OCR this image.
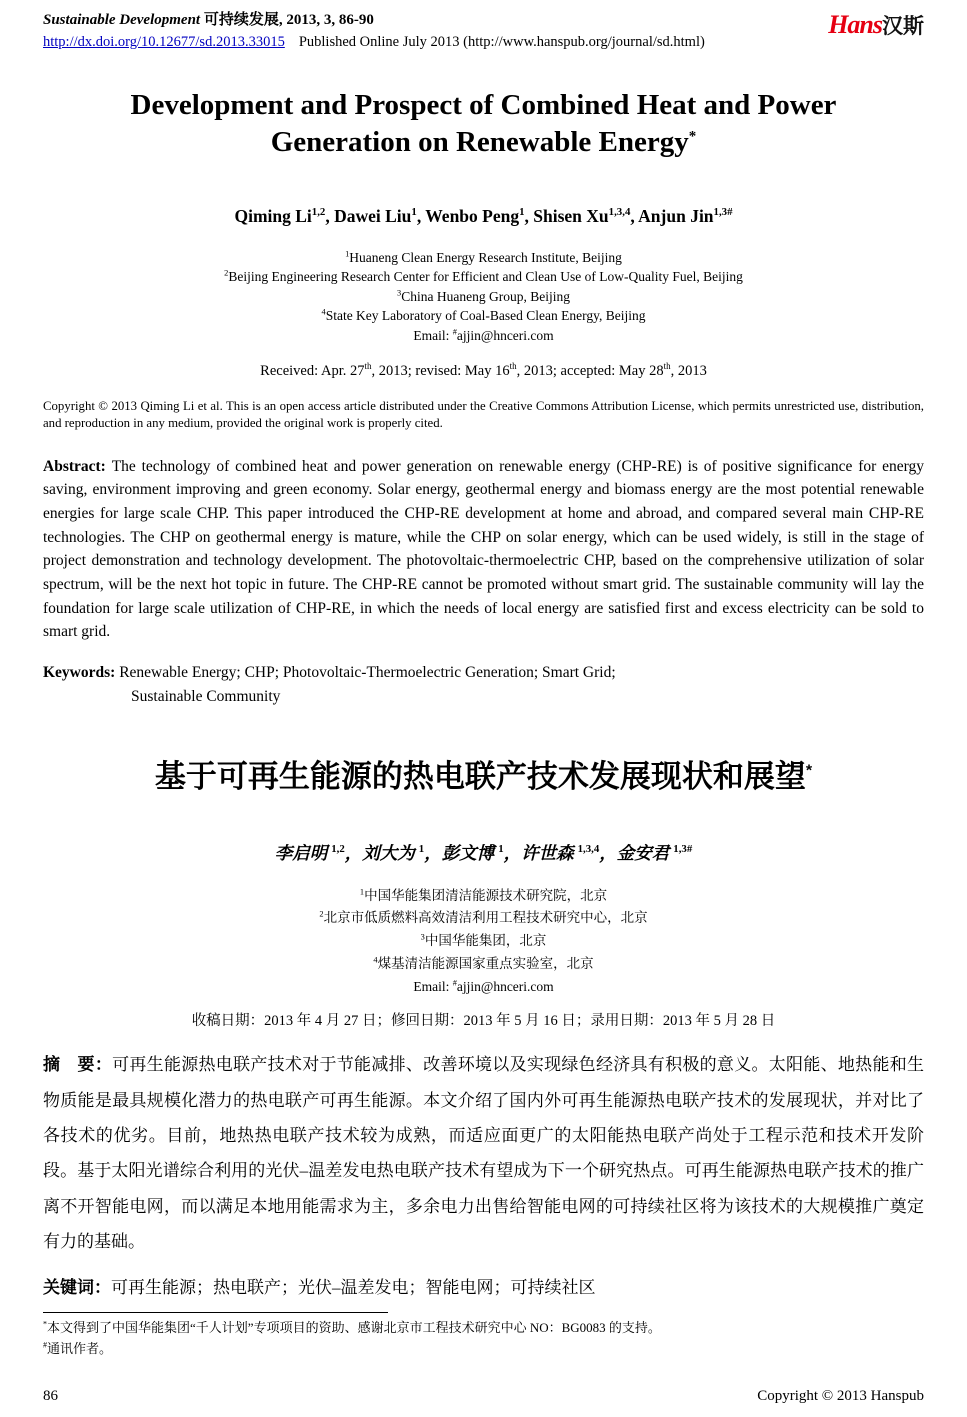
Sustainable Development 可持续发展, 2013, 3, 86-90
http://dx.doi.org/10.12677/sd.2013.33015 Published Online July 2013 (http://www.hanspub.org/journal/sd.html)
Hans汉斯
Development and Prospect of Combined Heat and Power
Generation on Renewable Energy*

Qiming Li$^{1,2}$, Dawei Liu$^1$, Wenbo Peng$^1$, Shisen Xu$^{1,3,4}$, Anjun Jin$^{1,3\#}$

$^1$Huaneng Clean Energy Research Institute, Beijing
$^2$Beijing Engineering Research Center for Efficient and Clean Use of Low-Quality Fuel, Beijing
$^3$China Huaneng Group, Beijing
$^4$State Key Laboratory of Coal-Based Clean Energy, Beijing
Email: #ajjin@hnceri.com

Received: Apr. 27th, 2013; revised: May 16th, 2013; accepted: May 28th, 2013

Copyright © 2013 Qiming Li et al. This is an open access article distributed under the Creative Commons Attribution License, which permits unrestricted use, distribution, and reproduction in any medium, provided the original work is properly cited.

Abstract: The technology of combined heat and power generation on renewable energy (CHP-RE) is of positive significance for energy saving, environment improving and green economy. Solar energy, geothermal energy and biomass energy are the most potential renewable energies for large scale CHP. This paper introduced the CHP-RE development at home and abroad, and compared several main CHP-RE technologies. The CHP on geothermal energy is mature, while the CHP on solar energy, which can be used widely, is still in the stage of project demonstration and technology development. The photovoltaic-thermoelectric CHP, based on the comprehensive utilization of solar spectrum, will be the next hot topic in future. The CHP-RE cannot be promoted without smart grid. The sustainable community will lay the foundation for large scale utilization of CHP-RE, in which the needs of local energy are satisfied first and excess electricity can be sold to smart grid.

Keywords: Renewable Energy; CHP; Photovoltaic-Thermoelectric Generation; Smart Grid;
Sustainable Community
基于可再生能源的热电联产技术发展现状和展望*

李启明 $^{1,2}$，刘大为 $^1$，彭文博 $^1$，许世森 $^{1,3,4}$，金安君 $^{1,3\#}$

$^1$中国华能集团清洁能源技术研究院，北京
$^2$北京市低质燃料高效清洁利用工程技术研究中心，北京
$^3$中国华能集团，北京
$^4$煤基清洁能源国家重点实验室，北京
Email: #ajjin@hnceri.com

收稿日期：2013 年 4 月 27 日；修回日期：2013 年 5 月 16 日；录用日期：2013 年 5 月 28 日

摘　要：可再生能源热电联产技术对于节能减排、改善环境以及实现绿色经济具有积极的意义。太阳能、地热能和生物质能是最具规模化潜力的热电联产可再生能源。本文介绍了国内外可再生能源热电联产技术的发展现状，并对比了各技术的优劣。目前，地热热电联产技术较为成熟，而适应面更广的太阳能热电联产尚处于工程示范和技术开发阶段。基于太阳光谱综合利用的光伏–温差发电热电联产技术有望成为下一个研究热点。可再生能源热电联产技术的推广离不开智能电网，而以满足本地用能需求为主，多余电力出售给智能电网的可持续社区将为该技术的大规模推广奠定有力的基础。

关键词：可再生能源；热电联产；光伏–温差发电；智能电网；可持续社区

*本文得到了中国华能集团“千人计划”专项项目的资助、感谢北京市工程技术研究中心 NO：BG0083 的支持。
#通讯作者。
86	Copyright © 2013 Hanspub
